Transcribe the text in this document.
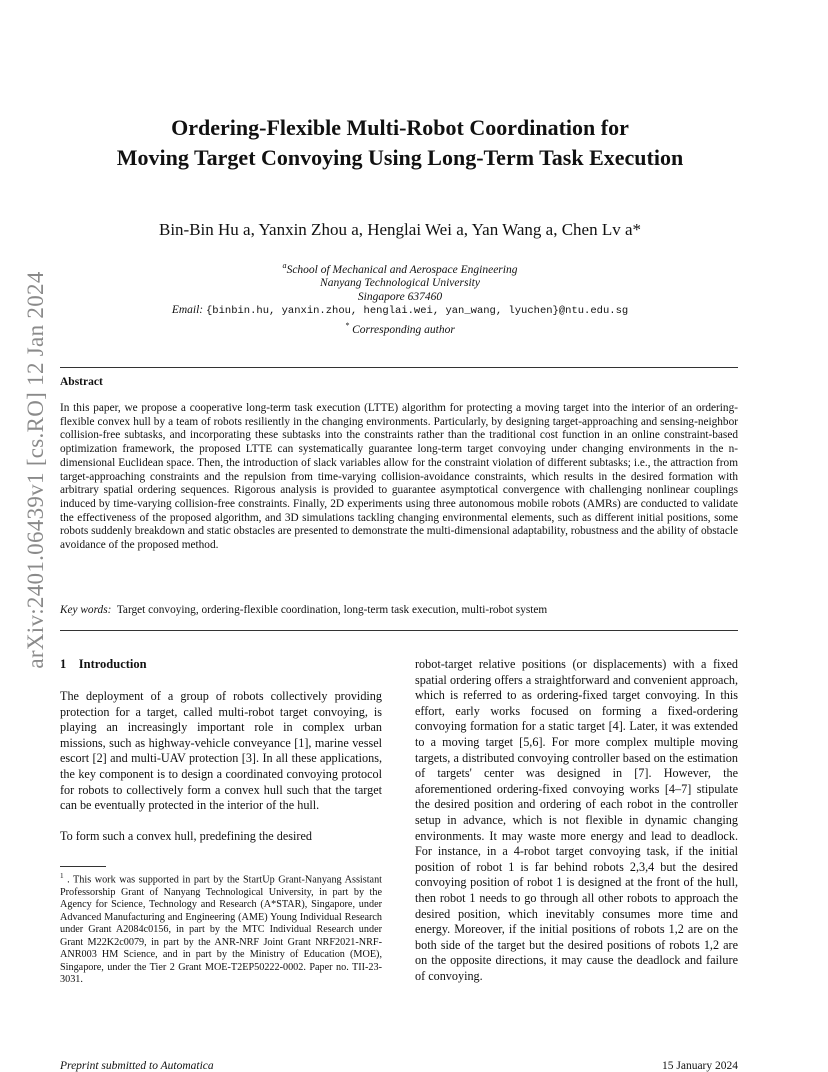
arXiv:2401.06439v1 [cs.RO] 12 Jan 2024
Ordering-Flexible Multi-Robot Coordination for
Moving Target Convoying Using Long-Term Task Execution
Bin-Bin Hu a, Yanxin Zhou a, Henglai Wei a, Yan Wang a, Chen Lv a*
$^a$School of Mechanical and Aerospace Engineering
Nanyang Technological University
Singapore 637460
Email: {binbin.hu, yanxin.zhou, henglai.wei, yan_wang, lyuchen}@ntu.edu.sg
* Corresponding author
Abstract
In this paper, we propose a cooperative long-term task execution (LTTE) algorithm for protecting a moving target into the interior of an ordering-flexible convex hull by a team of robots resiliently in the changing environments. Particularly, by designing target-approaching and sensing-neighbor collision-free subtasks, and incorporating these subtasks into the constraints rather than the traditional cost function in an online constraint-based optimization framework, the proposed LTTE can systematically guarantee long-term target convoying under changing environments in the n-dimensional Euclidean space. Then, the introduction of slack variables allow for the constraint violation of different subtasks; i.e., the attraction from target-approaching constraints and the repulsion from time-varying collision-avoidance constraints, which results in the desired formation with arbitrary spatial ordering sequences. Rigorous analysis is provided to guarantee asymptotical convergence with challenging nonlinear couplings induced by time-varying collision-free constraints. Finally, 2D experiments using three autonomous mobile robots (AMRs) are conducted to validate the effectiveness of the proposed algorithm, and 3D simulations tackling changing environmental elements, such as different initial positions, some robots suddenly breakdown and static obstacles are presented to demonstrate the multi-dimensional adaptability, robustness and the ability of obstacle avoidance of the proposed method.
Key words: Target convoying, ordering-flexible coordination, long-term task execution, multi-robot system
1 Introduction

The deployment of a group of robots collectively providing protection for a target, called multi-robot target convoying, is playing an increasingly important role in complex urban missions, such as highway-vehicle conveyance [1], marine vessel escort [2] and multi-UAV protection [3]. In all these applications, the key component is to design a coordinated convoying protocol for robots to collectively form a convex hull such that the target can be eventually protected in the interior of the hull.

To form such a convex hull, predefining the desired

$^1$ . This work was supported in part by the StartUp Grant-Nanyang Assistant Professorship Grant of Nanyang Technological University, in part by the Agency for Science, Technology and Research (A*STAR), Singapore, under Advanced Manufacturing and Engineering (AME) Young Individual Research under Grant A2084c0156, in part by the MTC Individual Research under Grant M22K2c0079, in part by the ANR-NRF Joint Grant NRF2021-NRF-ANR003 HM Science, and in part by the Ministry of Education (MOE), Singapore, under the Tier 2 Grant MOE-T2EP50222-0002. Paper no. TII-23-3031.

robot-target relative positions (or displacements) with a fixed spatial ordering offers a straightforward and convenient approach, which is referred to as ordering-fixed target convoying. In this effort, early works focused on forming a fixed-ordering convoying formation for a static target [4]. Later, it was extended to a moving target [5,6]. For more complex multiple moving targets, a distributed convoying controller based on the estimation of targets' center was designed in [7]. However, the aforementioned ordering-fixed convoying works [4–7] stipulate the desired position and ordering of each robot in the controller setup in advance, which is not flexible in dynamic changing environments. It may waste more energy and lead to deadlock. For instance, in a 4-robot target convoying task, if the initial position of robot 1 is far behind robots 2,3,4 but the desired convoying position of robot 1 is designed at the front of the hull, then robot 1 needs to go through all other robots to approach the desired position, which inevitably consumes more time and energy. Moreover, if the initial positions of robots 1,2 are on the both side of the target but the desired positions of robots 1,2 are on the opposite directions, it may cause the deadlock and failure of convoying.

Preprint submitted to Automatica	15 January 2024
